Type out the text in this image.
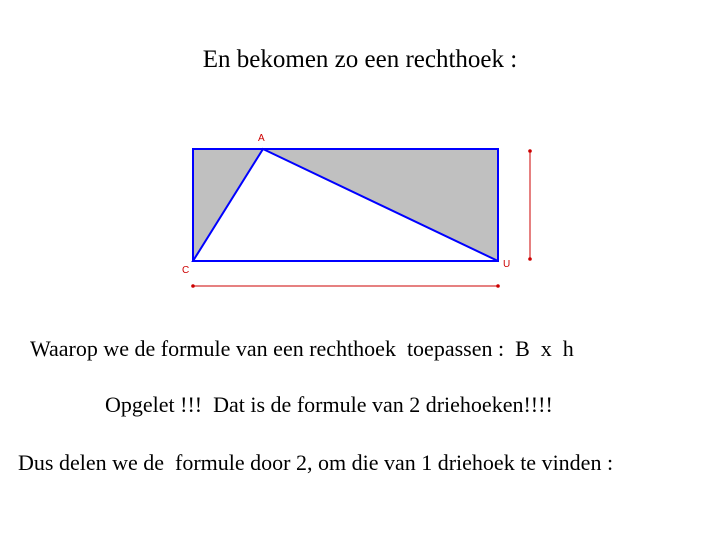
En bekomen zo een rechthoek :
A
C
U
Waarop we de formule van een rechthoek  toepassen :  B  x  h
Opgelet !!!  Dat is de formule van 2 driehoeken!!!!
Dus delen we de  formule door 2, om die van 1 driehoek te vinden :
